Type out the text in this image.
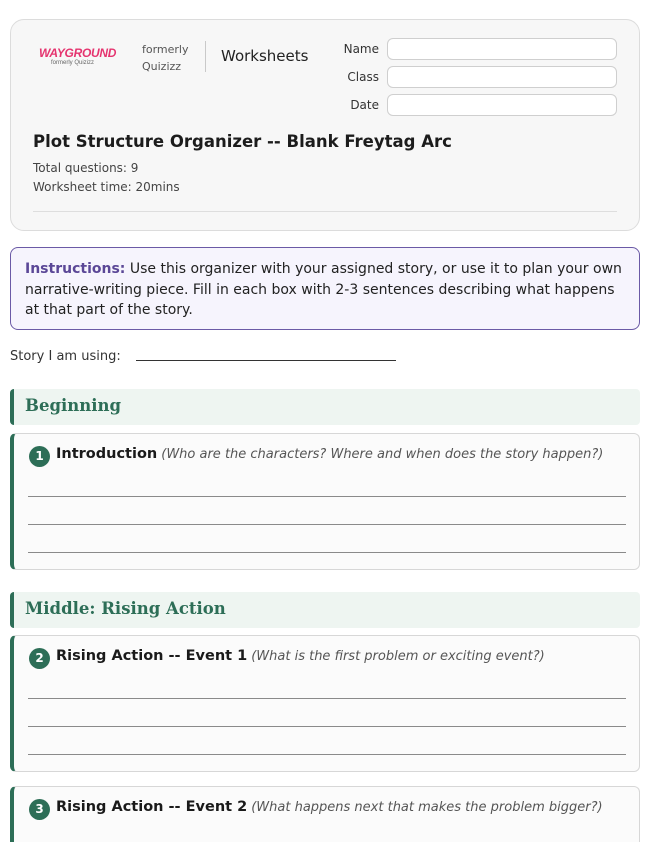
WAYGROUND
formerly Quizizz
formerly
Quizizz
Worksheets	Name
Class
Date
Plot Structure Organizer -- Blank Freytag Arc
Total questions: 9
Worksheet time: 20mins
Instructions: Use this organizer with your assigned story, or use it to plan your own narrative-writing piece. Fill in each box with 2-3 sentences describing what happens at that part of the story.
Story I am using:
Beginning
1 Introduction (Who are the characters? Where and when does the story happen?)
Middle: Rising Action
2 Rising Action -- Event 1 (What is the first problem or exciting event?)
3 Rising Action -- Event 2 (What happens next that makes the problem bigger?)
